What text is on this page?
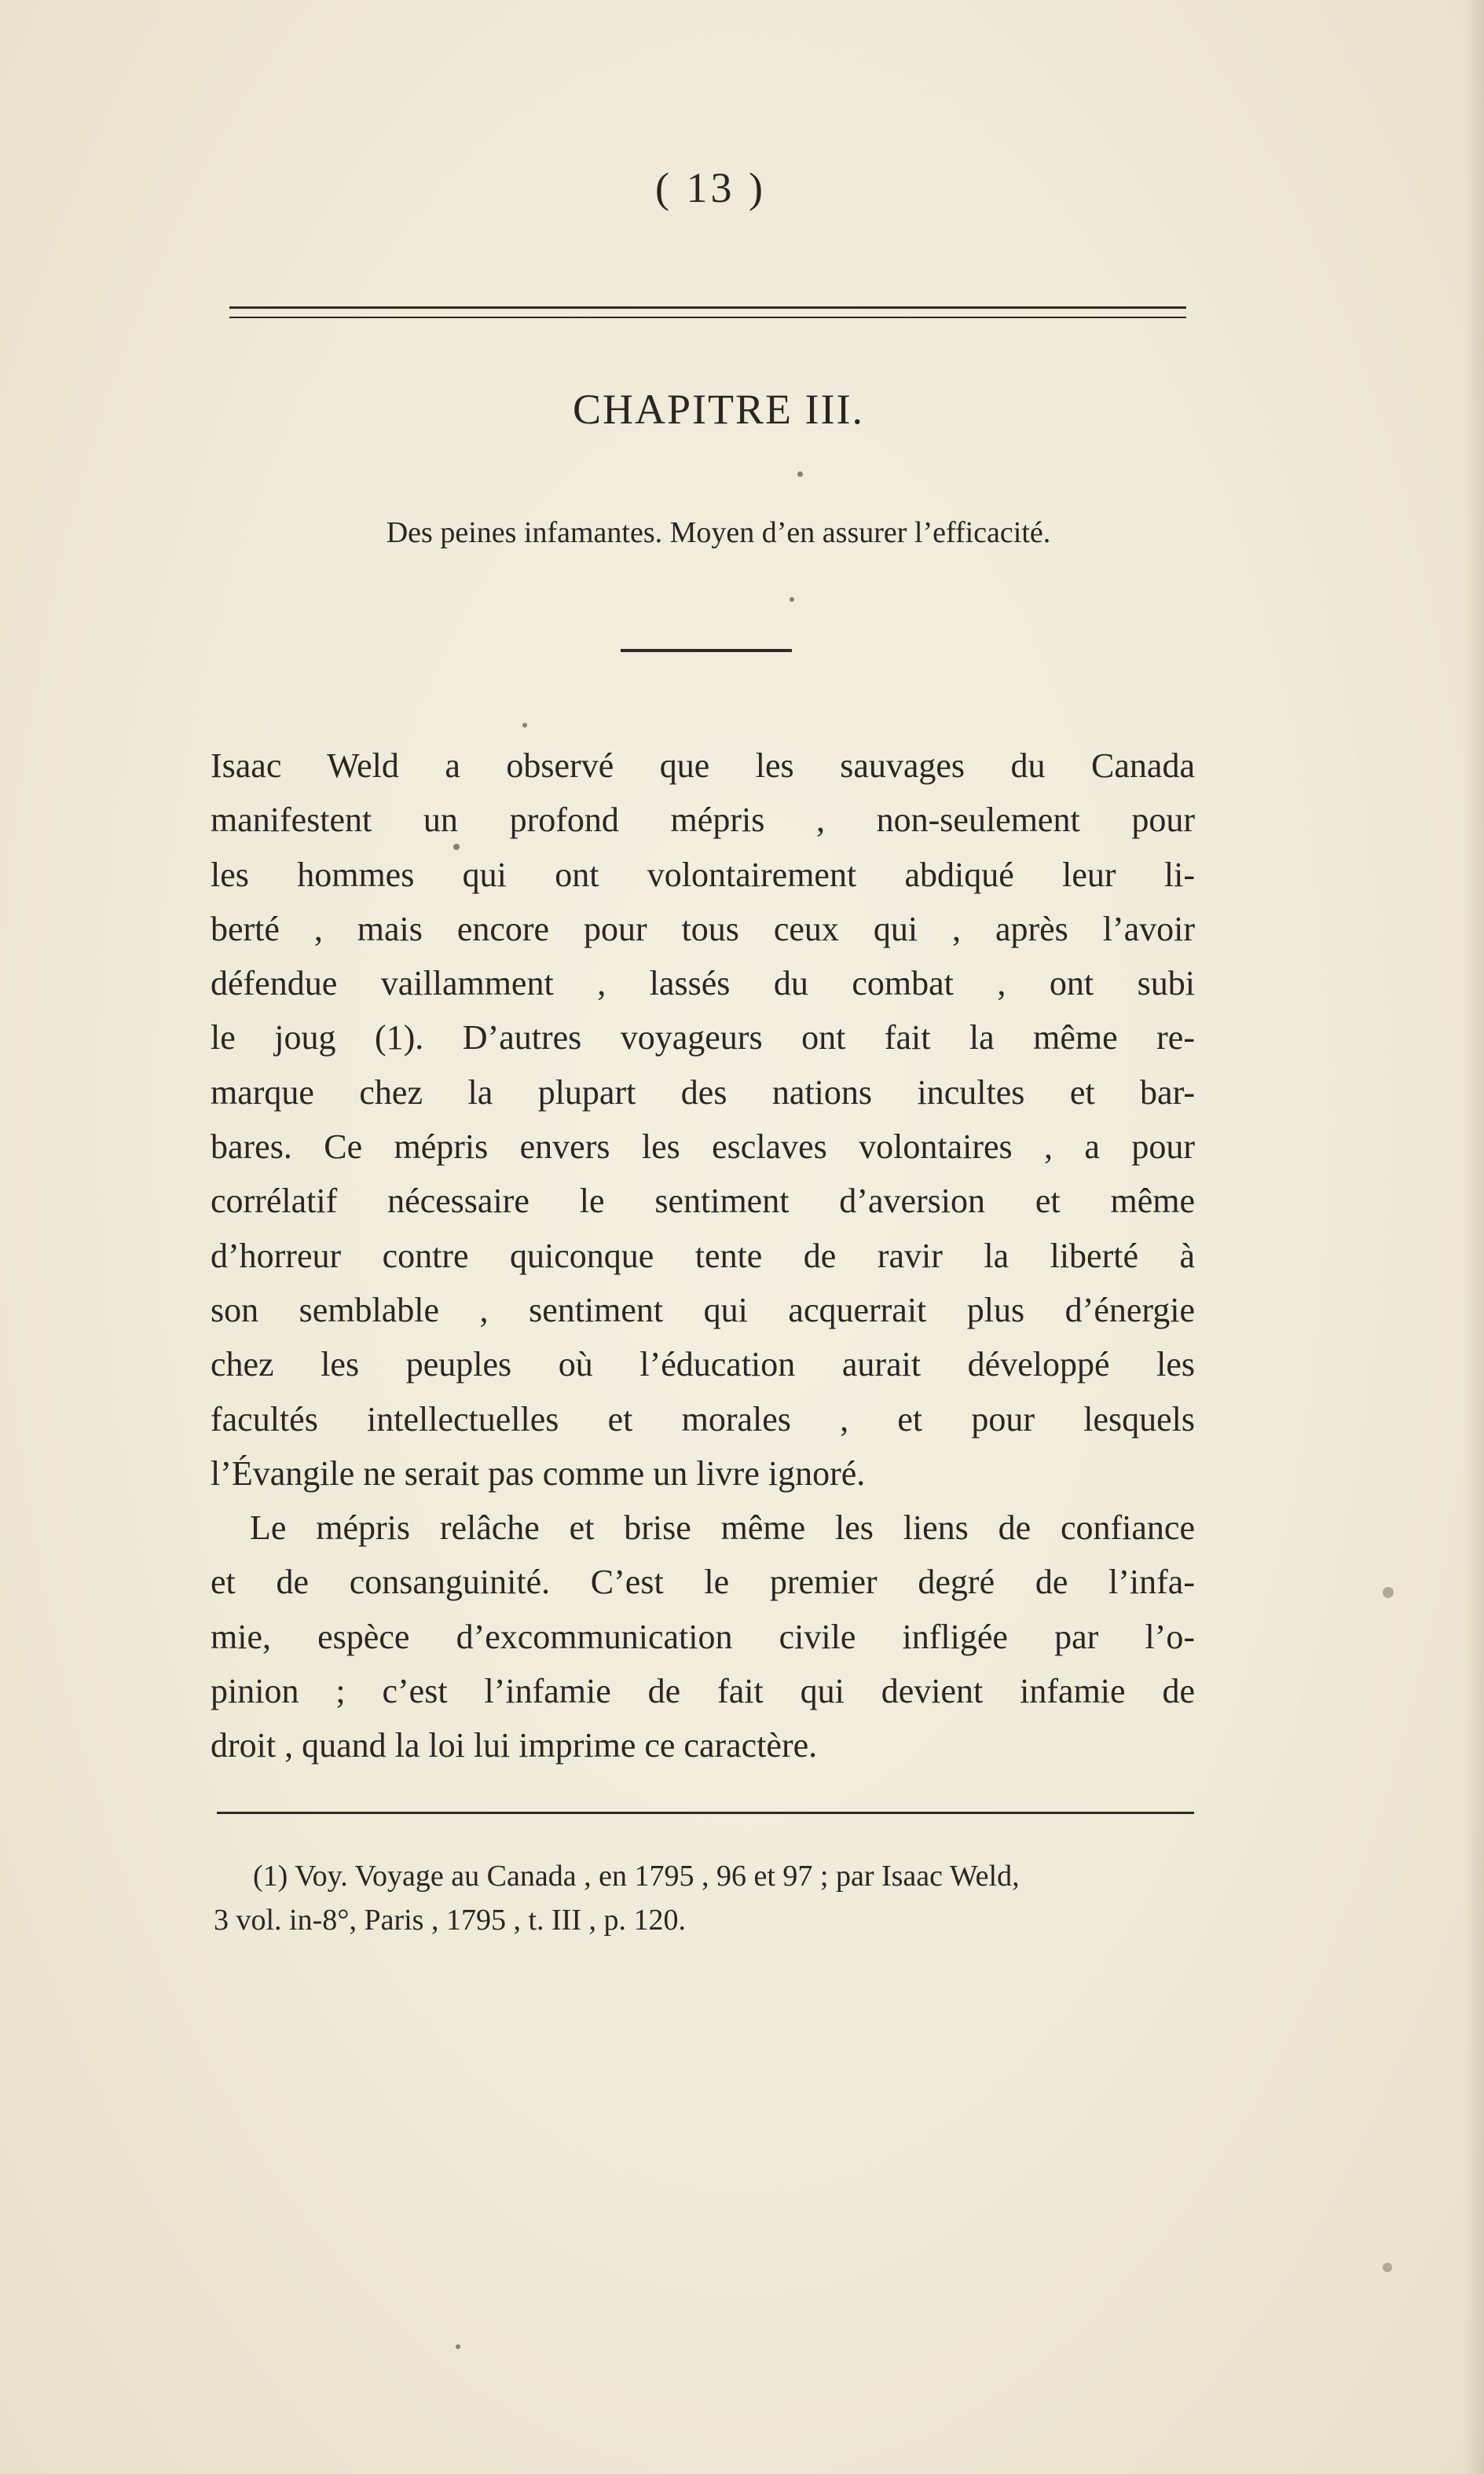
( 13 )
CHAPITRE III.
Des peines infamantes. Moyen d’en assurer l’efficacité.
Isaac Weld a observé que les sauvages du Canada
manifestent un profond mépris , non-seulement pour
les hommes qui ont volontairement abdiqué leur li-
berté , mais encore pour tous ceux qui , après l’avoir
défendue vaillamment , lassés du combat , ont subi
le joug (1). D’autres voyageurs ont fait la même re-
marque chez la plupart des nations incultes et bar-
bares. Ce mépris envers les esclaves volontaires , a pour
corrélatif nécessaire le sentiment d’aversion et même
d’horreur contre quiconque tente de ravir la liberté à
son semblable , sentiment qui acquerrait plus d’énergie
chez les peuples où l’éducation aurait développé les
facultés intellectuelles et morales , et pour lesquels
l’Évangile ne serait pas comme un livre ignoré.
Le mépris relâche et brise même les liens de confiance
et de consanguinité. C’est le premier degré de l’infa-
mie, espèce d’excommunication civile infligée par l’o-
pinion ; c’est l’infamie de fait qui devient infamie de
droit , quand la loi lui imprime ce caractère.
(1) Voy. Voyage au Canada , en 1795 , 96 et 97 ; par Isaac Weld,
3 vol. in-8°, Paris , 1795 , t. III , p. 120.
